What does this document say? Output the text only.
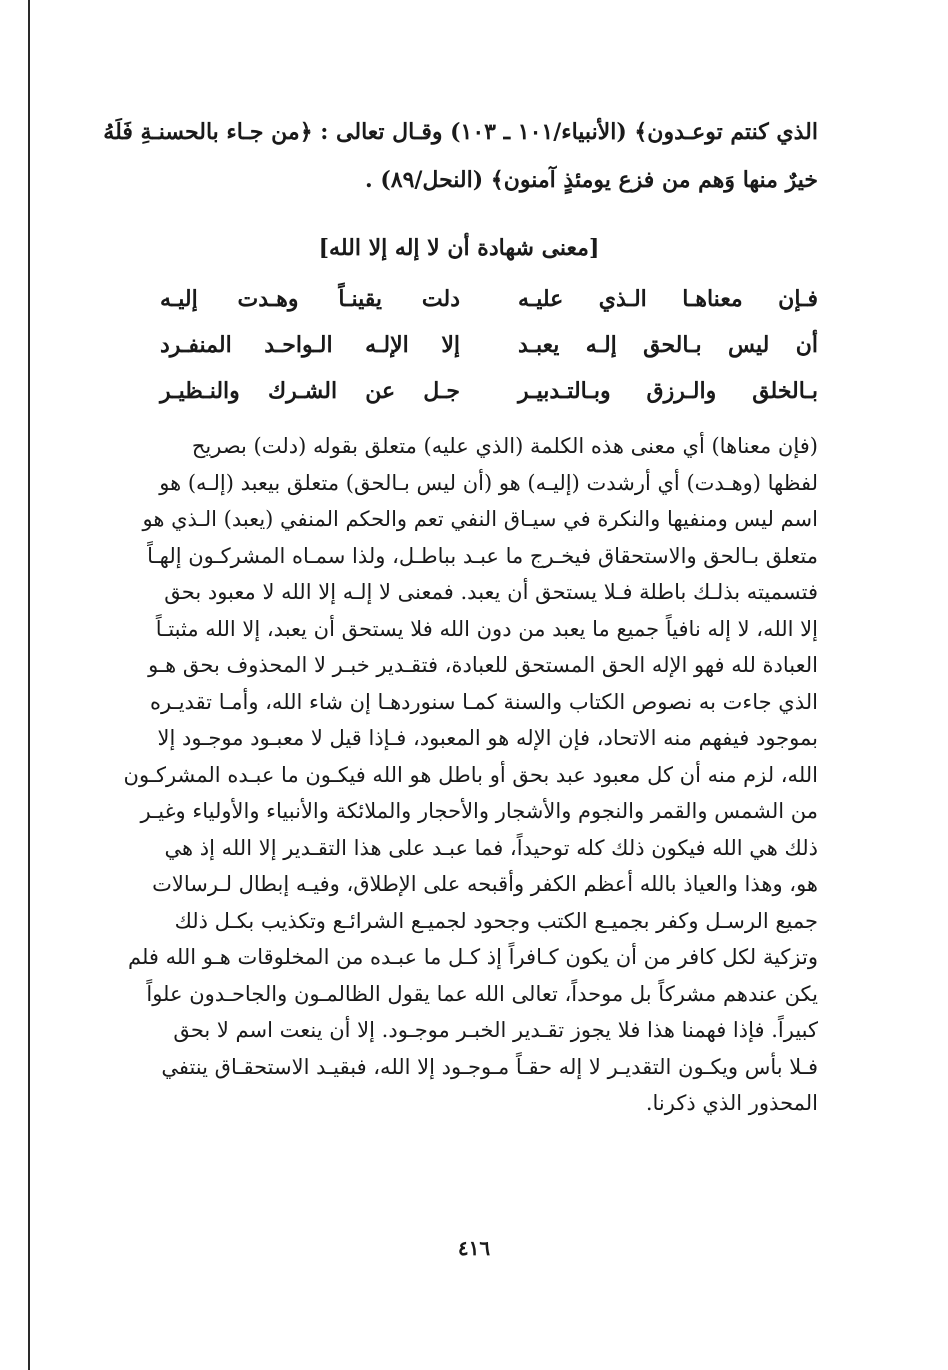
الذي كنتم توعـدون﴾ (الأنبياء/١٠١ ـ ١٠٣) وقـال تعالى : ﴿من جـاء بالحسنـةِ فَلَهُ

خيرٌ منها وَهم من فزع يومئذٍ آمنون﴾ (النحل/٨٩) .

[معنى شهادة أن لا إله إلا الله]
فـإن معناهـا الـذي عليـه
دلت يقينـاً وهـدت إليـه
أن ليس بـالحق إلـه يعبـد
إلا الإلـه الـواحـد المنفـرد
بـالخلق والـرزق وبـالتـدبيـر
جـل عن الشـرك والنـظيـر

(فإن معناها) أي معنى هذه الكلمة (الذي عليه) متعلق بقوله (دلت) بصريح

لفظها (وهـدت) أي أرشدت (إليـه) هو (أن ليس بـالحق) متعلق بيعبد (إلـه) هو

اسم ليس ومنفيها والنكرة في سيـاق النفي تعم والحكم المنفي (يعبد) الـذي هو

متعلق بـالحق والاستحقاق فيخـرج ما عبـد بباطـل، ولذا سمـاه المشركـون إلهـاً

فتسميته بذلـك باطلة فـلا يستحق أن يعبد. فمعنى لا إلـه إلا الله لا معبود بحق

إلا الله، لا إله نافياً جميع ما يعبد من دون الله فلا يستحق أن يعبد، إلا الله مثبتـاً

العبادة لله فهو الإله الحق المستحق للعبادة، فتقـدير خبـر لا المحذوف بحق هـو

الذي جاءت به نصوص الكتاب والسنة كمـا سنوردهـا إن شاء الله، وأمـا تقديـره

بموجود فيفهم منه الاتحاد، فإن الإله هو المعبود، فـإذا قيل لا معبـود موجـود إلا

الله، لزم منه أن كل معبود عبد بحق أو باطل هو الله فيكـون ما عبـده المشركـون

من الشمس والقمر والنجوم والأشجار والأحجار والملائكة والأنبياء والأولياء وغيـر

ذلك هي الله فيكون ذلك كله توحيداً، فما عبـد على هذا التقـدير إلا الله إذ هي

هو، وهذا والعياذ بالله أعظم الكفر وأقبحه على الإطلاق، وفيـه إبطال لـرسالات

جميع الرسـل وكفر بجميـع الكتب وجحود لجميـع الشرائـع وتكذيب بكـل ذلك

وتزكية لكل كافر من أن يكون كـافراً إذ كـل ما عبـده من المخلوقات هـو الله فلم

يكن عندهم مشركاً بل موحداً، تعالى الله عما يقول الظالمـون والجاحـدون علواً

كبيراً. فإذا فهمنا هذا فلا يجوز تقـدير الخبـر موجـود. إلا أن ينعت اسم لا بحق

فـلا بأس ويكـون التقديـر لا إله حقـاً مـوجـود إلا الله، فبقيـد الاستحقـاق ينتفي

المحذور الذي ذكرنا.

٤١٦
